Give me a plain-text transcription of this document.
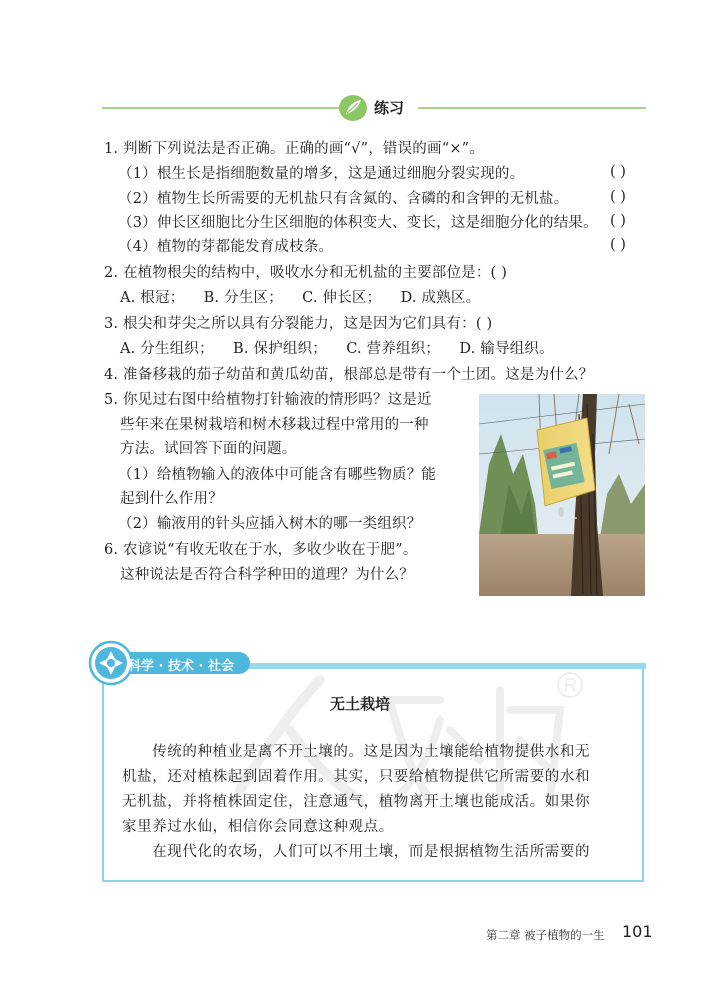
练习
1. 判断下列说法是否正确。正确的画“√”，错误的画“×”。
（1）根生长是指细胞数量的增多，这是通过细胞分裂实现的。	( )
（2）植物生长所需要的无机盐只有含氮的、含磷的和含钾的无机盐。	( )
（3）伸长区细胞比分生区细胞的体积变大、变长，这是细胞分化的结果。 ( )
（4）植物的芽都能发育成枝条。	( )
2. 在植物根尖的结构中，吸收水分和无机盐的主要部位是：( )
A. 根冠；    B. 分生区；    C. 伸长区；    D. 成熟区。
3. 根尖和芽尖之所以具有分裂能力，这是因为它们具有：( )
A. 分生组织；    B. 保护组织；    C. 营养组织；    D. 输导组织。
4. 准备移栽的茄子幼苗和黄瓜幼苗，根部总是带有一个土团。这是为什么？
5. 你见过右图中给植物打针输液的情形吗？这是近
些年来在果树栽培和树木移栽过程中常用的一种
方法。试回答下面的问题。
（1）给植物输入的液体中可能含有哪些物质？能
起到什么作用？
（2）输液用的针头应插入树木的哪一类组织？
6. 农谚说“有收无收在于水，多收少收在于肥”。
这种说法是否符合科学种田的道理？为什么？
科学 · 技术 · 社会
无土栽培
　　传统的种植业是离不开土壤的。这是因为土壤能给植物提供水和无
机盐，还对植株起到固着作用。其实，只要给植物提供它所需要的水和
无机盐，并将植株固定住，注意通气，植物离开土壤也能成活。如果你
家里养过水仙，相信你会同意这种观点。
　　在现代化的农场，人们可以不用土壤，而是根据植物生活所需要的
第二章 被子植物的一生 101
